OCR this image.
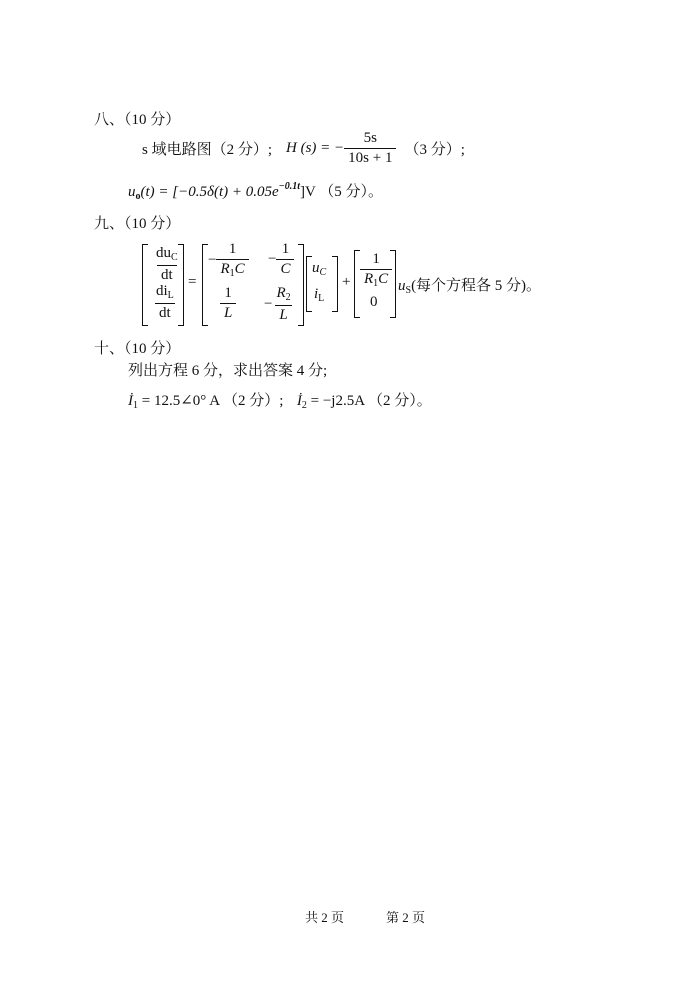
八、（10 分）
s 域电路图（2 分）; H (s) = − $\frac{5s}{10s + 1} (3$ 分）;
$u_o(t) = [-0.5\delta(t) + 0.05e^{-0.1t}]V$ （5 分）。
九、（10 分）
$\frac{du_C}{dt}$
$\frac{di_L}{dt}$
=
− $\frac{1}{R_1C} - \frac{1}{C}$
$\frac{1}{L} - \frac{R_2}{L}$
$u_C$
$i_L$
+ $\frac{1}{R_1C}$
0
$u_S$(每个方程各 5 分)。
十、（10 分）
列出方程 6 分，求出答案 4 分;
$İ_1$ = 12.5∠0° A （2 分）; $İ_2 = -j2.5A$ （2 分）。
共 2 页	第 2 页
